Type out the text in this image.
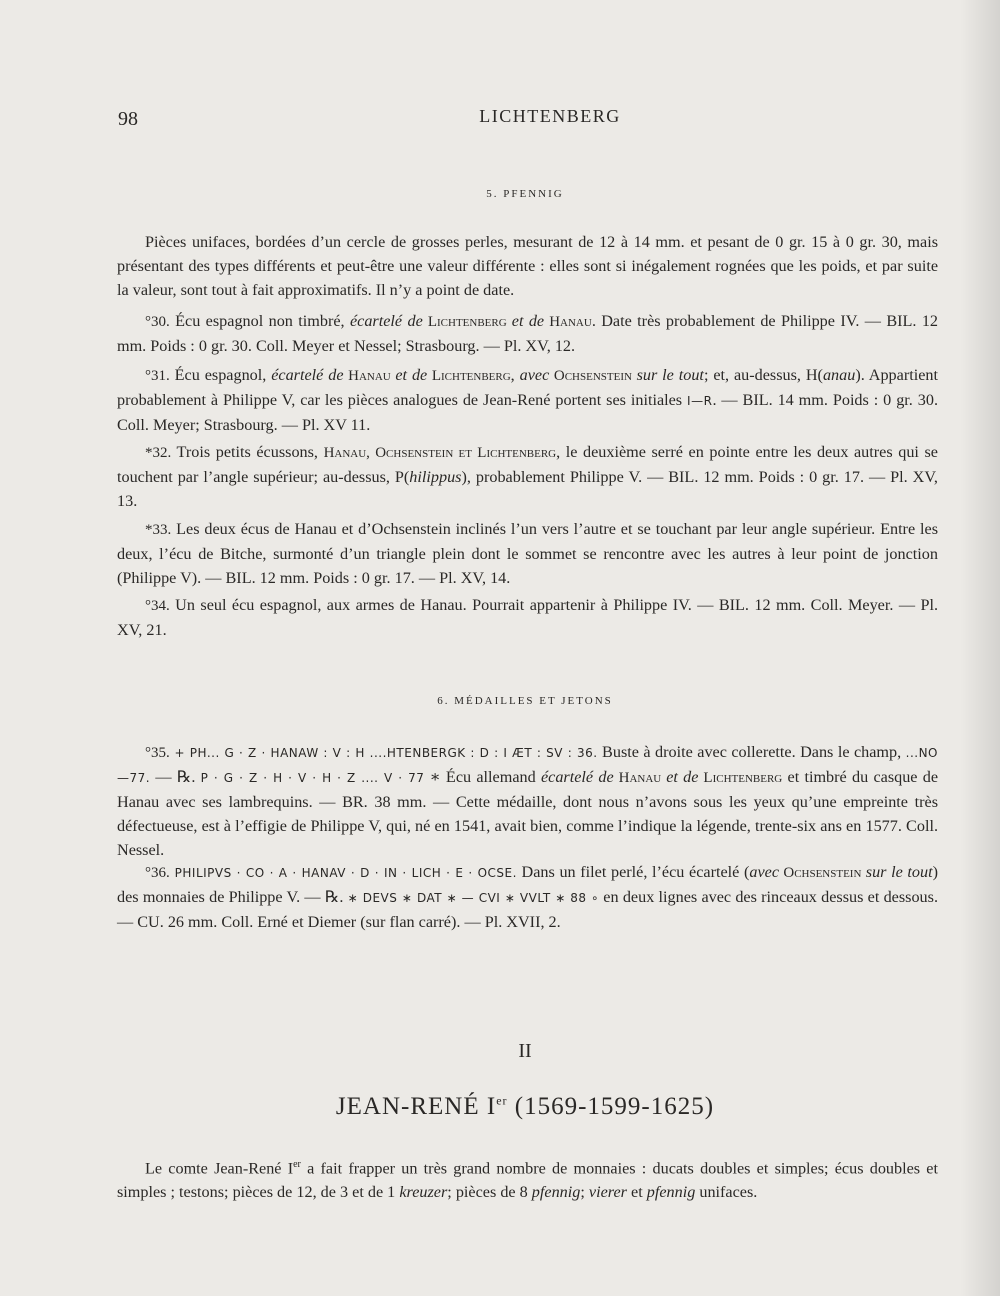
98	LICHTENBERG
5. PFENNIG

Pièces unifaces, bordées d’un cercle de grosses perles, mesurant de 12 à 14 mm. et pesant de 0 gr. 15 à 0 gr. 30, mais présentant des types différents et peut-être une valeur différente : elles sont si inégalement rognées que les poids, et par suite la valeur, sont tout à fait approximatifs. Il n’y a point de date.

°30. Écu espagnol non timbré, écartelé de Lichtenberg et de Hanau. Date très probablement de Philippe IV. — BIL. 12 mm. Poids : 0 gr. 30. Coll. Meyer et Nessel; Strasbourg. — Pl. XV, 12.

°31. Écu espagnol, écartelé de Hanau et de Lichtenberg, avec Ochsenstein sur le tout; et, au-dessus, H(anau). Appartient probablement à Philippe V, car les pièces analogues de Jean-René portent ses initiales I—R. — BIL. 14 mm. Poids : 0 gr. 30. Coll. Meyer; Strasbourg. — Pl. XV 11.

*32. Trois petits écussons, Hanau, Ochsenstein et Lichtenberg, le deuxième serré en pointe entre les deux autres qui se touchent par l’angle supérieur; au-dessus, P(hilippus), probablement Philippe V. — BIL. 12 mm. Poids : 0 gr. 17. — Pl. XV, 13.

*33. Les deux écus de Hanau et d’Ochsenstein inclinés l’un vers l’autre et se touchant par leur angle supérieur. Entre les deux, l’écu de Bitche, surmonté d’un triangle plein dont le sommet se rencontre avec les autres à leur point de jonction (Philippe V). — BIL. 12 mm. Poids : 0 gr. 17. — Pl. XV, 14.

°34. Un seul écu espagnol, aux armes de Hanau. Pourrait appartenir à Philippe IV. — BIL. 12 mm. Coll. Meyer. — Pl. XV, 21.

6. MÉDAILLES ET JETONS

°35. + PH... G · Z · HANAW : V : H ....HTENBERGK : D : I ÆT : SV : 36. Buste à droite avec collerette. Dans le champ, ...NO—77. — ℞. P · G · Z · H · V · H · Z .... V · 77 ∗ Écu allemand écartelé de Hanau et de Lichtenberg et timbré du casque de Hanau avec ses lambrequins. — BR. 38 mm. — Cette médaille, dont nous n’avons sous les yeux qu’une empreinte très défectueuse, est à l’effigie de Philippe V, qui, né en 1541, avait bien, comme l’indique la légende, trente-six ans en 1577. Coll. Nessel.

°36. PHILIPVS · CO · A · HANAV · D · IN · LICH · E · OCSE. Dans un filet perlé, l’écu écartelé (avec Ochsenstein sur le tout) des monnaies de Philippe V. — ℞. ∗ DEVS ∗ DAT ∗ — CVI ∗ VVLT ∗ 88 ∘ en deux lignes avec des rinceaux dessus et dessous. — CU. 26 mm. Coll. Erné et Diemer (sur flan carré). — Pl. XVII, 2.

II
JEAN-RENÉ Ier (1569-1599-1625)

Le comte Jean-René Ier a fait frapper un très grand nombre de monnaies : ducats doubles et simples; écus doubles et simples ; testons; pièces de 12, de 3 et de 1 kreuzer; pièces de 8 pfennig; vierer et pfennig unifaces.
